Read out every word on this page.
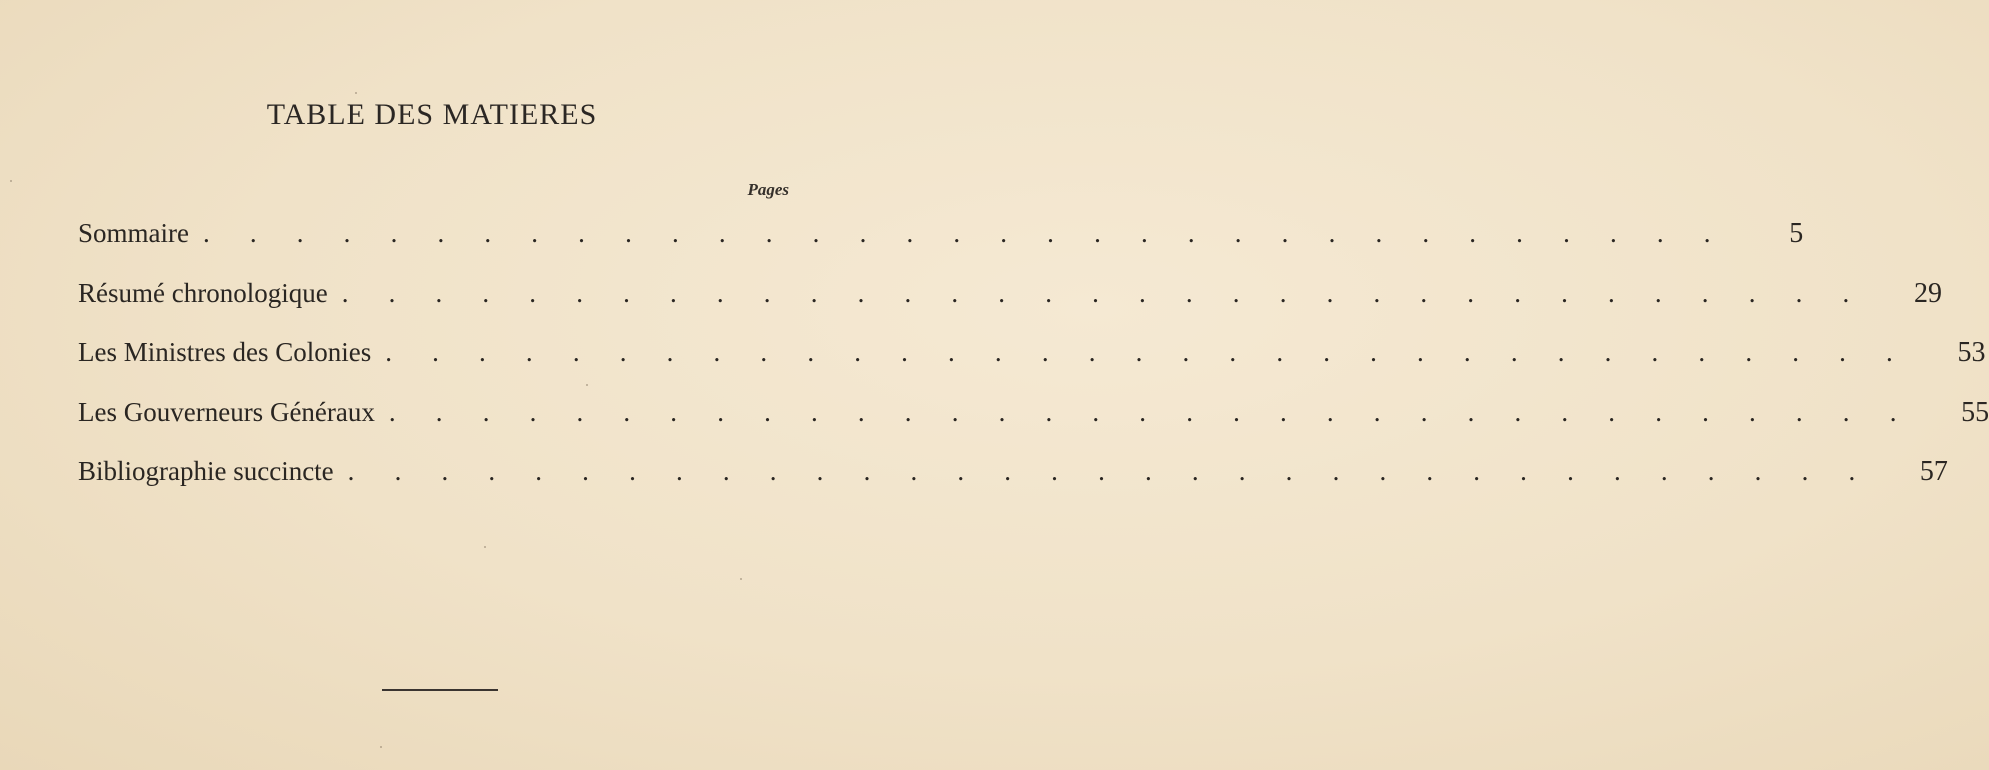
TABLE DES MATIERES
Pages
Sommaire . . . . . . . . . . . . . . . . . . . . . . . . . . . . . . . . .	5
Résumé chronologique . . . . . . . . . . . . . . . . . . . . . . . . . . . . . . . . .	29
Les Ministres des Colonies . . . . . . . . . . . . . . . . . . . . . . . . . . . . . . . . .	53
Les Gouverneurs Généraux . . . . . . . . . . . . . . . . . . . . . . . . . . . . . . . . .	55
Bibliographie succincte . . . . . . . . . . . . . . . . . . . . . . . . . . . . . . . . .	57
